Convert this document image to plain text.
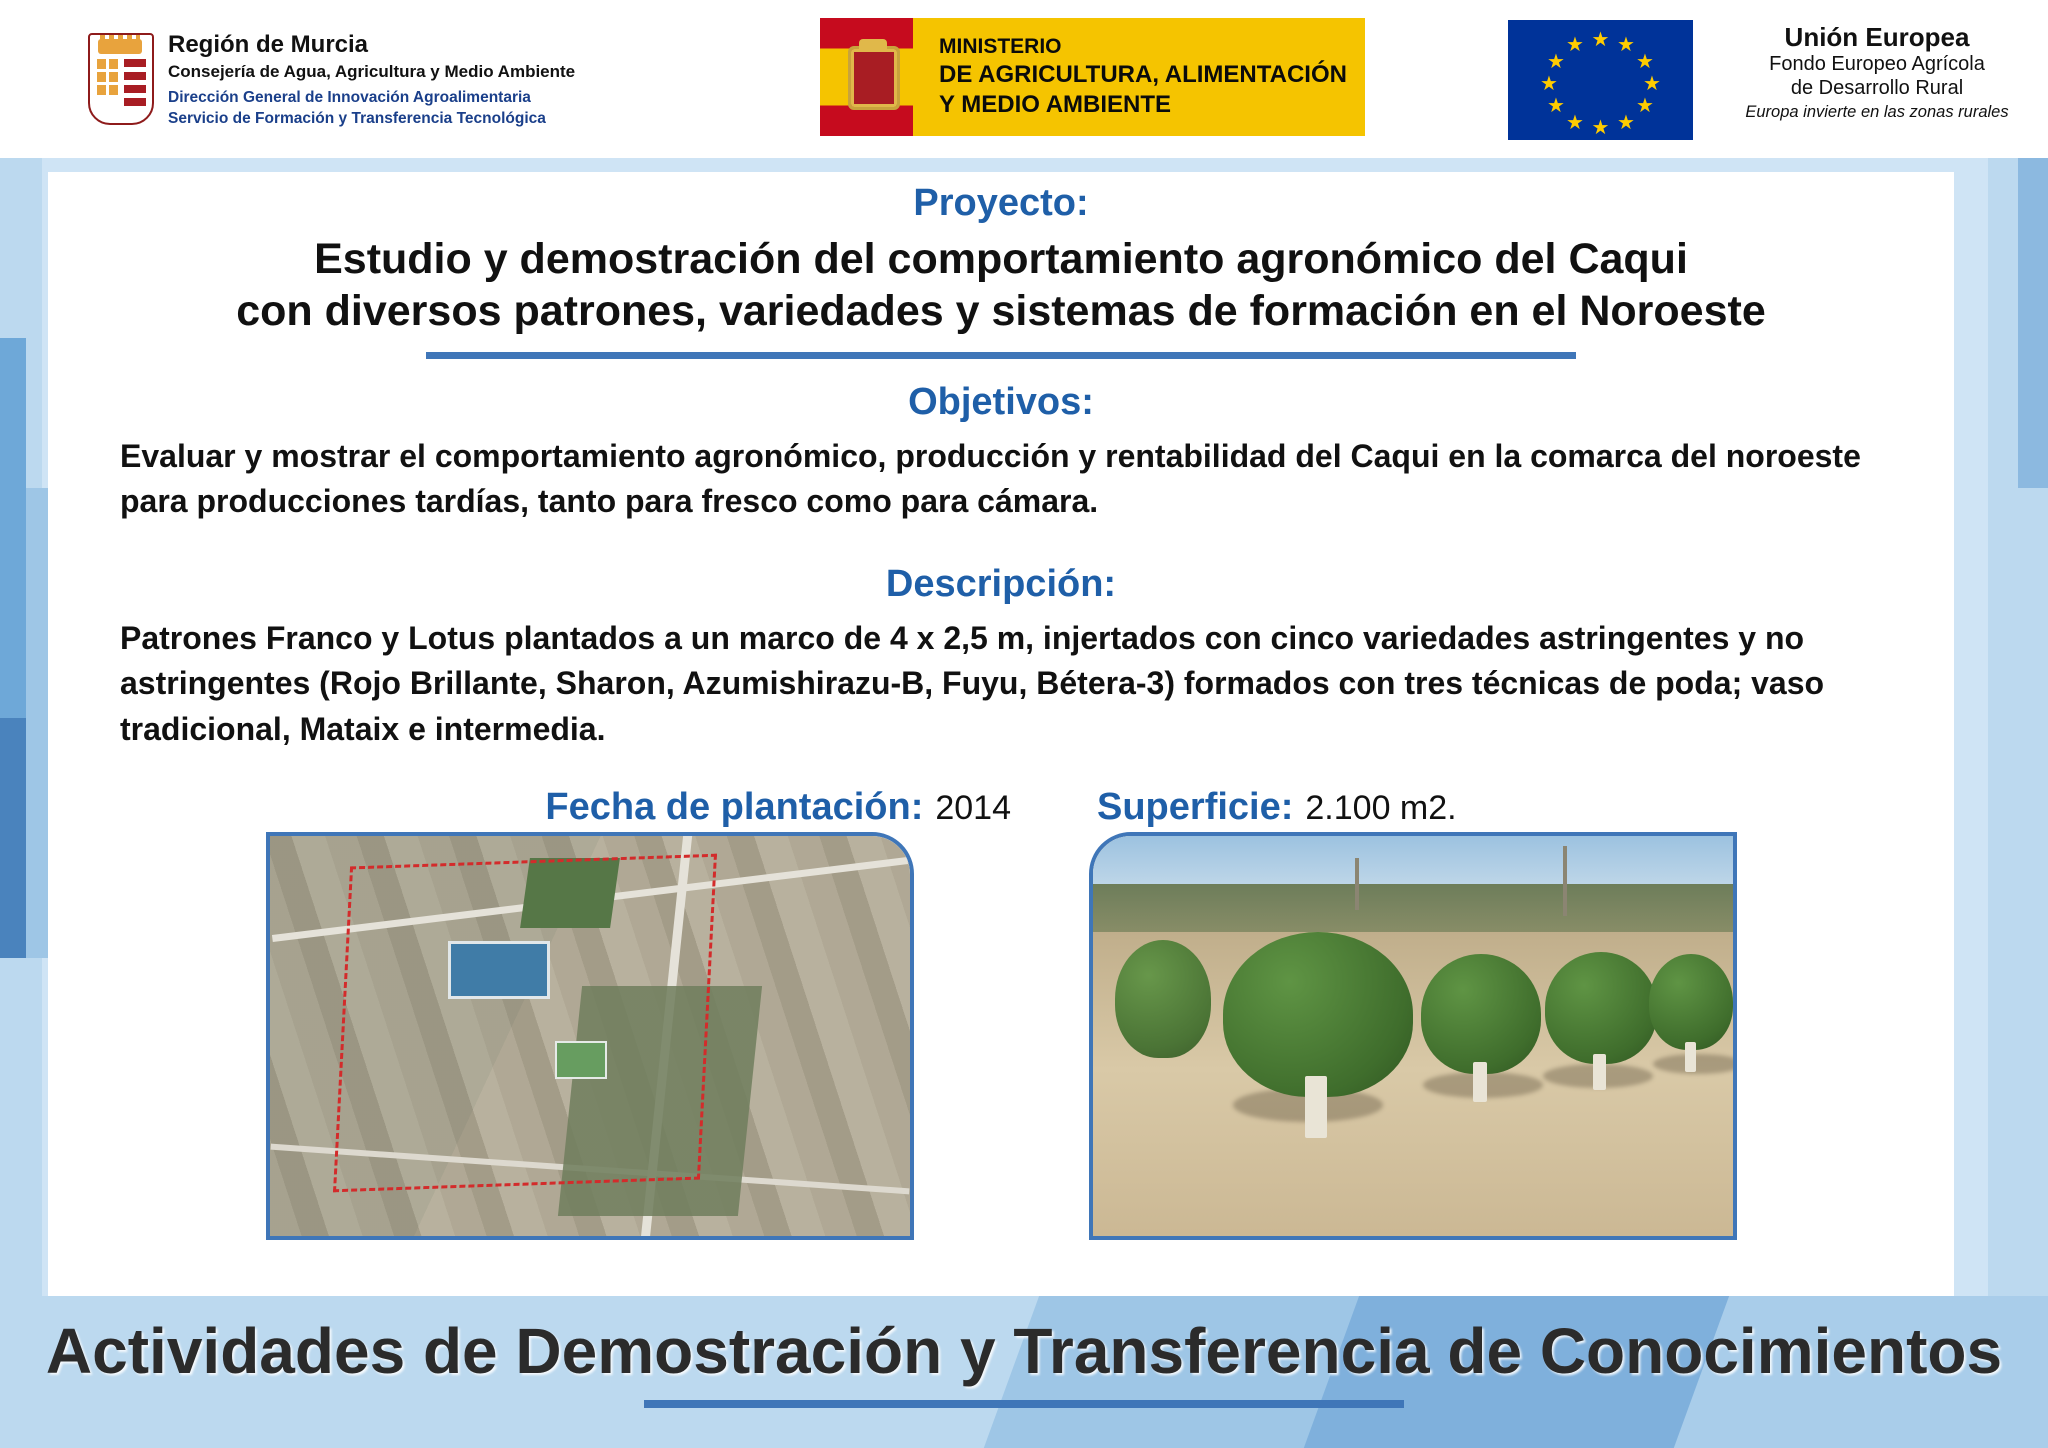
Región de Murcia
Consejería de Agua, Agricultura y Medio Ambiente
Dirección General de Innovación Agroalimentaria
Servicio de Formación y Transferencia Tecnológica
MINISTERIO
DE AGRICULTURA, ALIMENTACIÓN
Y MEDIO AMBIENTE
★ ★
★
★
★
★
★
★
★
★
★
★	Unión Europea
Fondo Europeo Agrícola
de Desarrollo Rural
Europa invierte en las zonas rurales
Proyecto:
Estudio y demostración del comportamiento agronómico del Caqui
con diversos patrones, variedades y sistemas de formación en el Noroeste
Objetivos:
Evaluar y mostrar el comportamiento agronómico, producción y rentabilidad del Caqui en la comarca del noroeste para producciones tardías, tanto para fresco como para cámara.
Descripción:
Patrones Franco y Lotus plantados a un marco de 4 x 2,5 m, injertados con cinco variedades astringentes y no astringentes (Rojo Brillante, Sharon, Azumishirazu-B, Fuyu, Bétera-3) formados con tres técnicas de poda; vaso tradicional, Mataix e intermedia.
Fecha de plantación: 2014 Superficie: 2.100 m2.
Actividades de Demostración y Transferencia de Conocimientos
